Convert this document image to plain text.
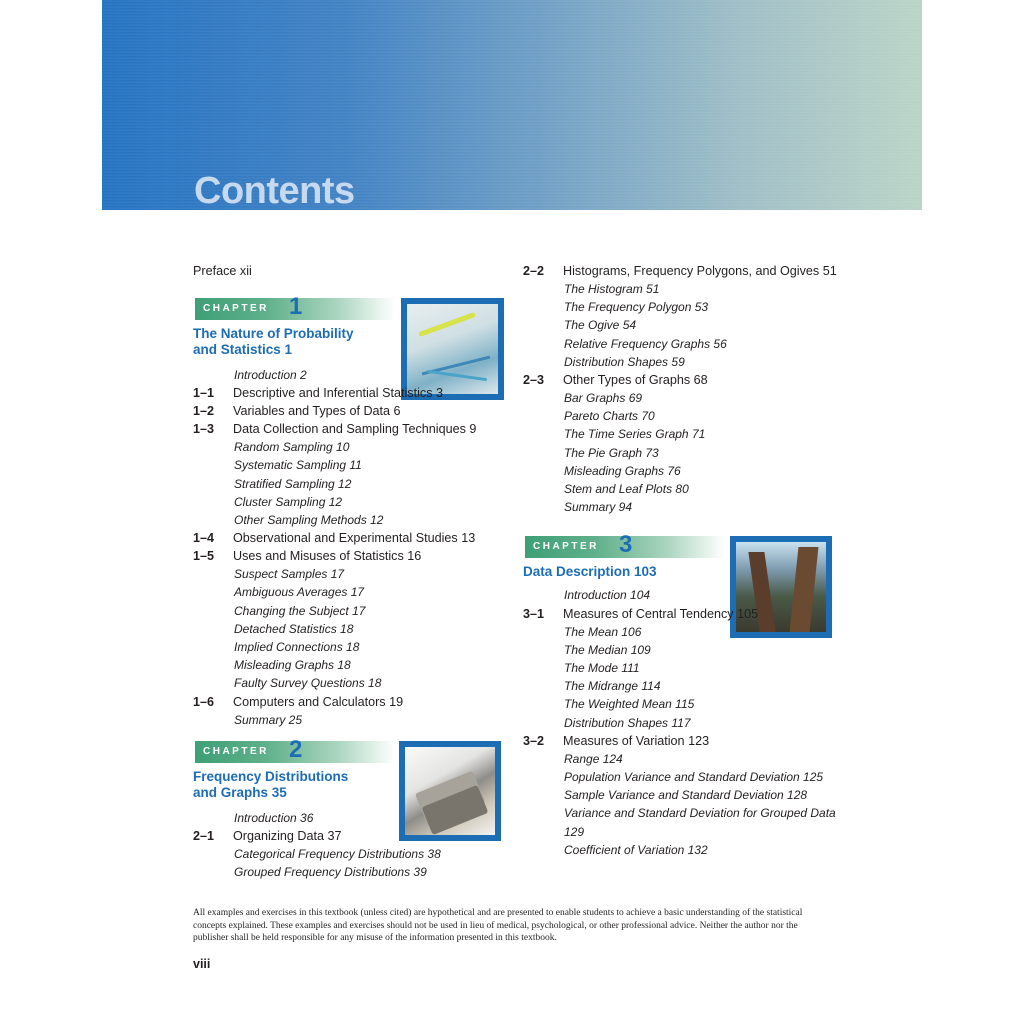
Contents
Preface xii
CHAPTER 1
The Nature of Probability
and Statistics 1
Introduction 2
1–1	Descriptive and Inferential Statistics 3
1–2	Variables and Types of Data 6
1–3	Data Collection and Sampling Techniques 9
Random Sampling 10
Systematic Sampling 11
Stratified Sampling 12
Cluster Sampling 12
Other Sampling Methods 12
1–4	Observational and Experimental Studies 13
1–5	Uses and Misuses of Statistics 16
Suspect Samples 17
Ambiguous Averages 17
Changing the Subject 17
Detached Statistics 18
Implied Connections 18
Misleading Graphs 18
Faulty Survey Questions 18
1–6	Computers and Calculators 19
Summary 25
CHAPTER 2
Frequency Distributions
and Graphs 35
Introduction 36
2–1	Organizing Data 37
Categorical Frequency Distributions 38
Grouped Frequency Distributions 39
2–2	Histograms, Frequency Polygons, and Ogives 51
The Histogram 51
The Frequency Polygon 53
The Ogive 54
Relative Frequency Graphs 56
Distribution Shapes 59
2–3	Other Types of Graphs 68
Bar Graphs 69
Pareto Charts 70
The Time Series Graph 71
The Pie Graph 73
Misleading Graphs 76
Stem and Leaf Plots 80
Summary 94
CHAPTER 3
Data Description 103
Introduction 104
3–1	Measures of Central Tendency 105
The Mean 106
The Median 109
The Mode 111
The Midrange 114
The Weighted Mean 115
Distribution Shapes 117
3–2	Measures of Variation 123
Range 124
Population Variance and Standard Deviation 125
Sample Variance and Standard Deviation 128
Variance and Standard Deviation for Grouped Data 129
Coefficient of Variation 132
All examples and exercises in this textbook (unless cited) are hypothetical and are presented to enable students to achieve a basic understanding of the statistical concepts explained. These examples and exercises should not be used in lieu of medical, psychological, or other professional advice. Neither the author nor the publisher shall be held responsible for any misuse of the information presented in this textbook.
viii
